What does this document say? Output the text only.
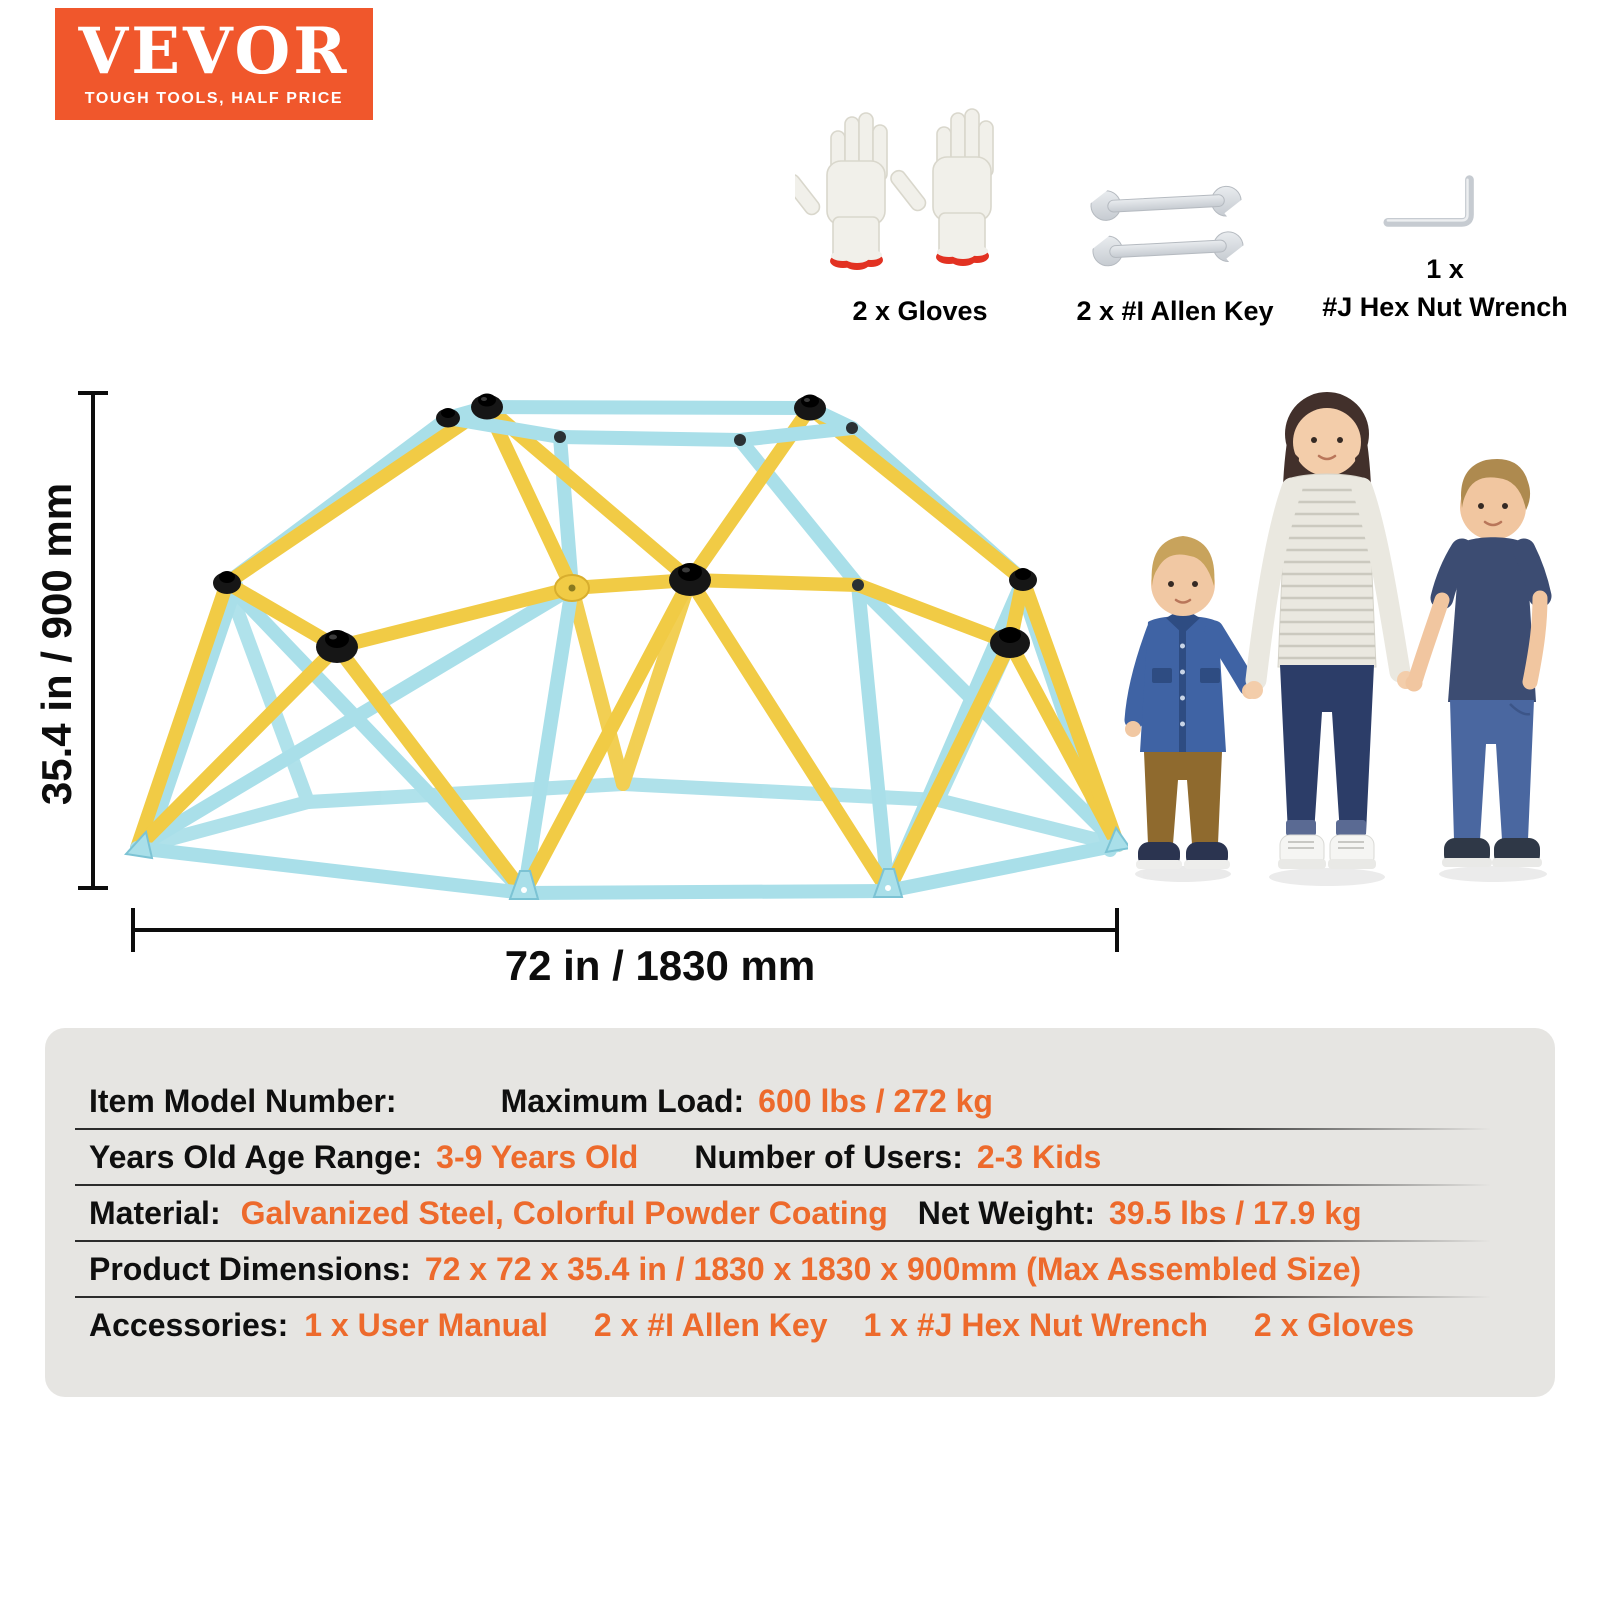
VEVOR
TOUGH TOOLS, HALF PRICE
2 x Gloves	2 x #I Allen Key
1 x
#J Hex Nut Wrench
35.4 in / 900 mm
72 in / 1830 mm
Item Model Number:	Maximum Load: 600 lbs / 272 kg
Years Old Age Range: 3-9 Years Old Number of Users: 2-3 Kids
Material: Galvanized Steel, Colorful Powder Coating Net Weight: 39.5 lbs / 17.9 kg
Product Dimensions: 72 x 72 x 35.4 in / 1830 x 1830 x 900mm (Max Assembled Size)
Accessories: 1 x User Manual 2 x #I Allen Key 1 x #J Hex Nut Wrench 2 x Gloves
